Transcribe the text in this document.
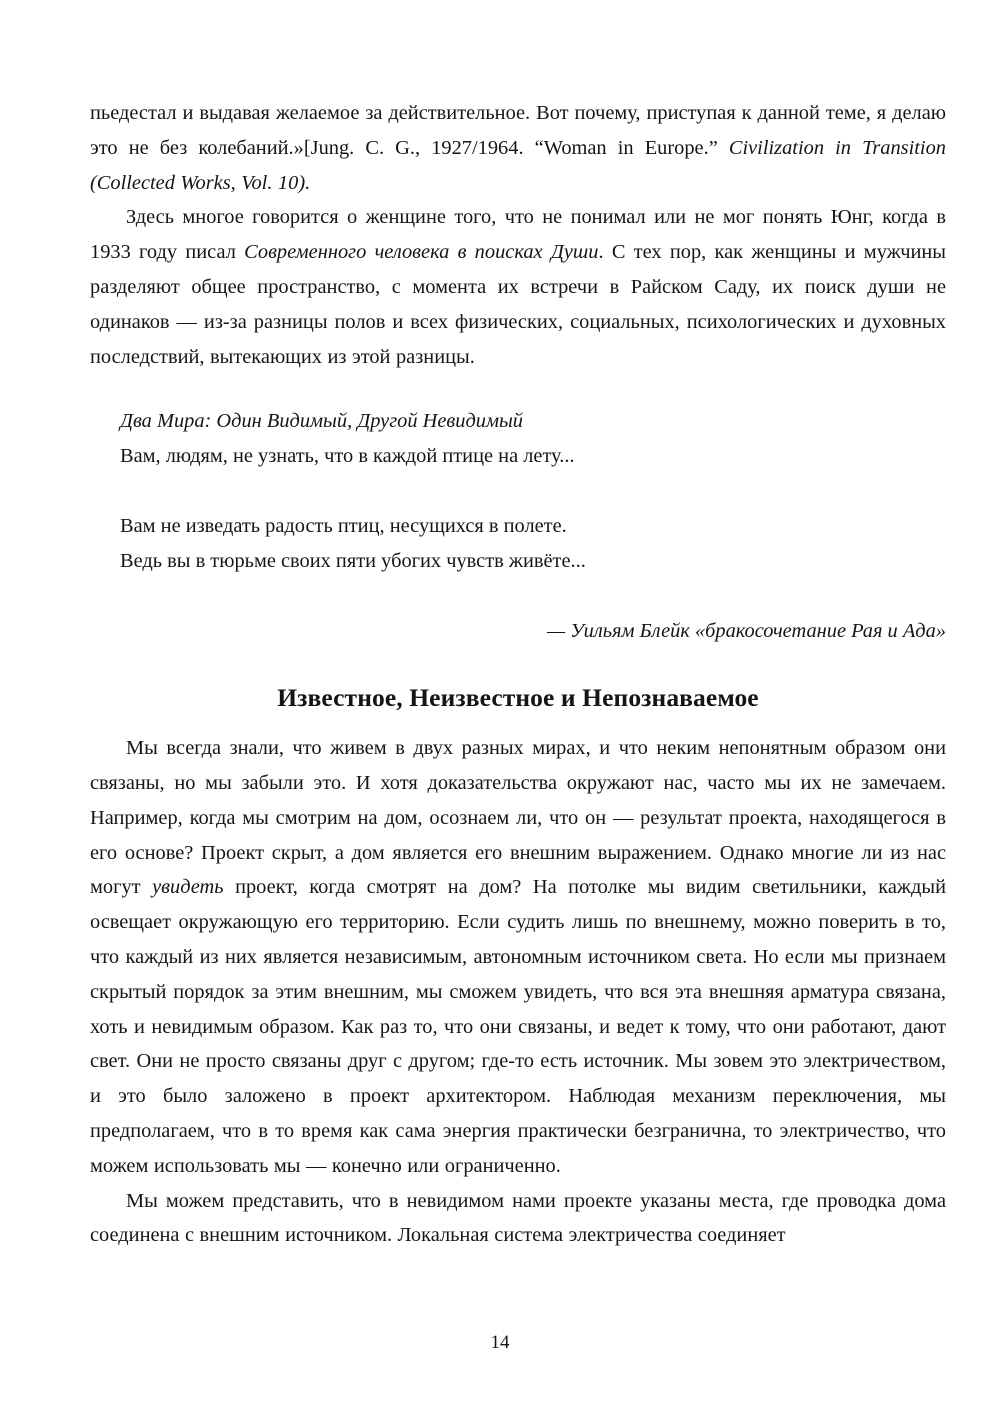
пьедестал и выдавая желаемое за действительное. Вот почему, приступая к данной теме, я делаю это не без колебаний.»[Jung. C. G., 1927/1964. “Woman in Europe.” Civilization in Transition (Collected Works, Vol. 10).

Здесь многое говорится о женщине того, что не понимал или не мог понять Юнг, когда в 1933 году писал Современного человека в поисках Души. С тех пор, как женщины и мужчины разделяют общее пространство, с момента их встречи в Райском Саду, их поиск души не одинаков — из-за разницы полов и всех физических, социальных, психологических и духовных последствий, вытекающих из этой разницы.

Два Мира: Один Видимый, Другой Невидимый
Вам, людям, не узнать, что в каждой птице на лету...
Вам не изведать радость птиц, несущихся в полете.
Ведь вы в тюрьме своих пяти убогих чувств живёте...
— Уильям Блейк «бракосочетание Рая и Ада»
Известное, Неизвестное и Непознаваемое

Мы всегда знали, что живем в двух разных мирах, и что неким непонятным образом они связаны, но мы забыли это. И хотя доказательства окружают нас, часто мы их не замечаем. Например, когда мы смотрим на дом, осознаем ли, что он — результат проекта, находящегося в его основе? Проект скрыт, а дом является его внешним выражением. Однако многие ли из нас могут увидеть проект, когда смотрят на дом? На потолке мы видим светильники, каждый освещает окружающую его территорию. Если судить лишь по внешнему, можно поверить в то, что каждый из них является независимым, автономным источником света. Но если мы признаем скрытый порядок за этим внешним, мы сможем увидеть, что вся эта внешняя арматура связана, хоть и невидимым образом. Как раз то, что они связаны, и ведет к тому, что они работают, дают свет. Они не просто связаны друг с другом; где-то есть источник. Мы зовем это электричеством, и это было заложено в проект архитектором. Наблюдая механизм переключения, мы предполагаем, что в то время как сама энергия практически безгранична, то электричество, что можем использовать мы — конечно или ограниченно.

Мы можем представить, что в невидимом нами проекте указаны места, где проводка дома соединена с внешним источником. Локальная система электричества соединяет

14
